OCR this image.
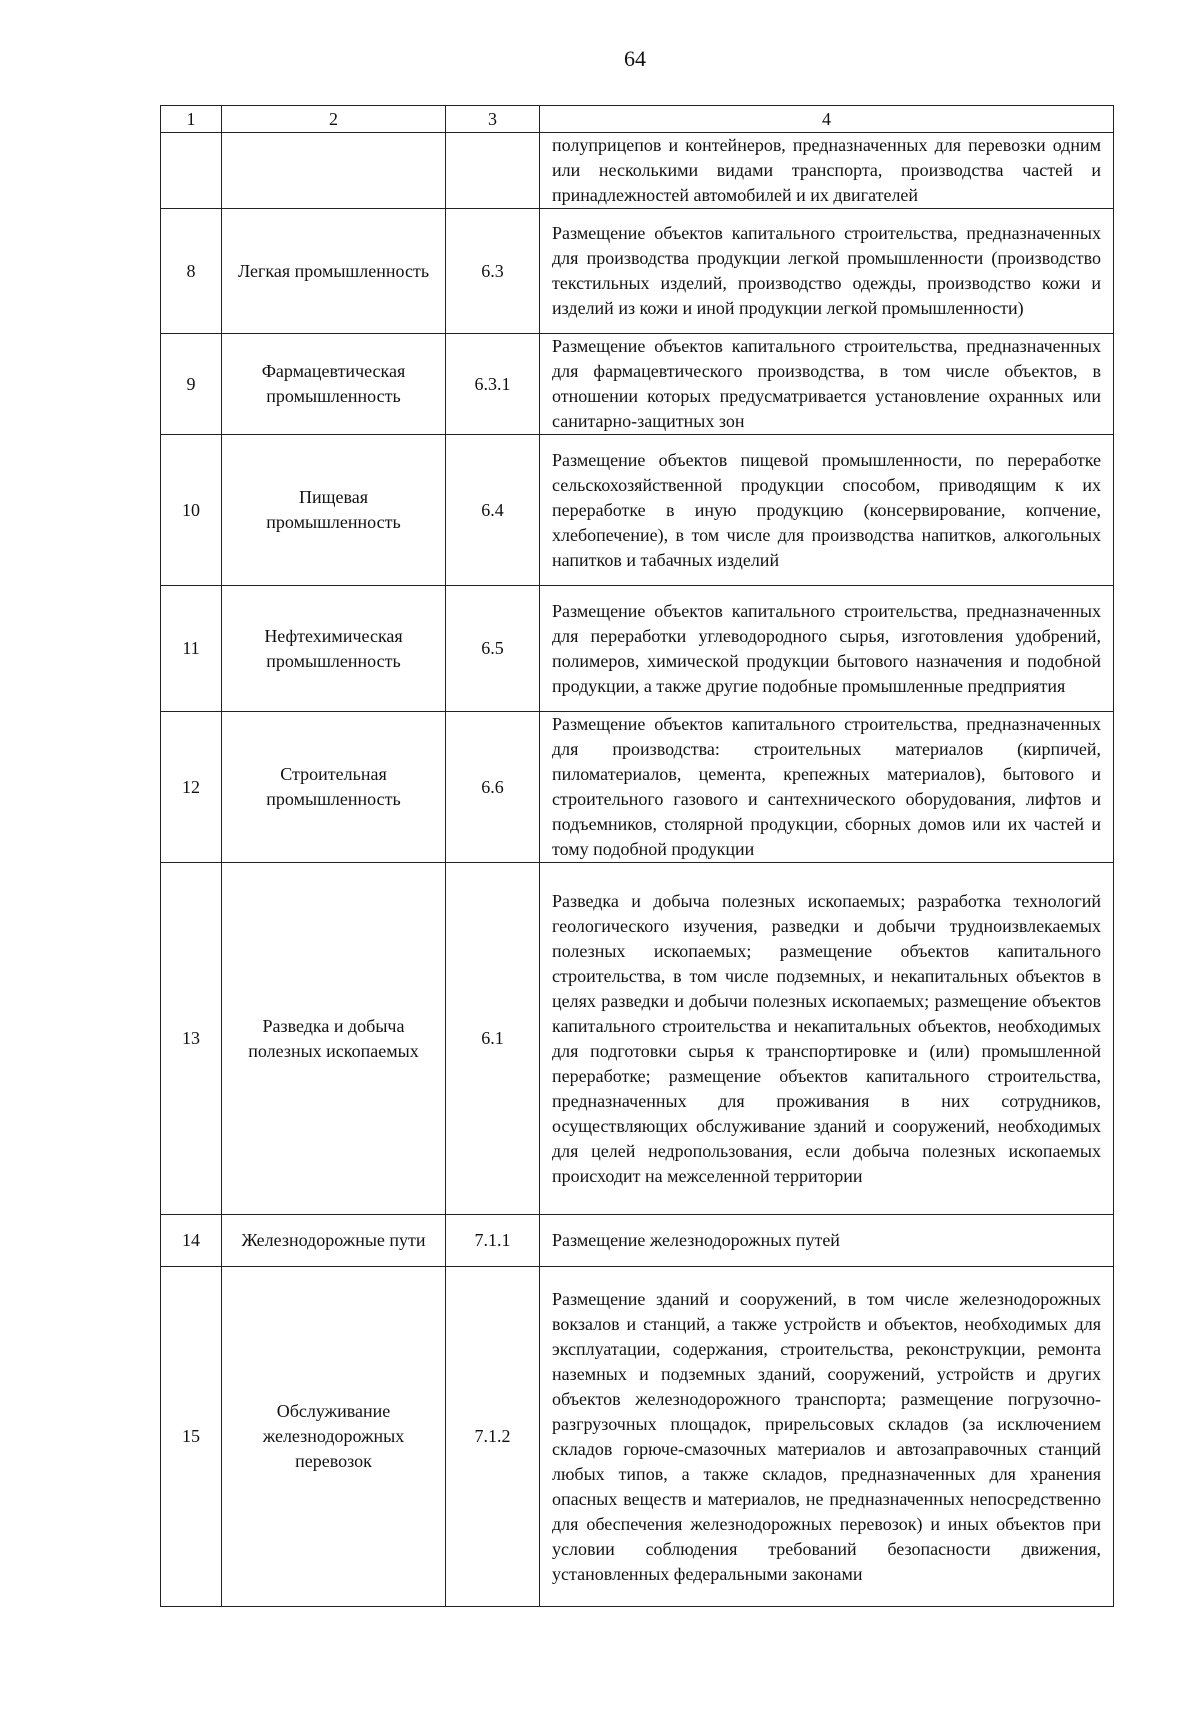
64
1	2	3	4
			полуприцепов и контейнеров, предназначенных для перевозки одним или несколькими видами транспорта, производства частей и принадлежностей автомобилей и их двигателей
8	Легкая промышленность	6.3	Размещение объектов капитального строительства, предназначенных для производства продукции легкой промышленности (производство текстильных изделий, производство одежды, производство кожи и изделий из кожи и иной продукции легкой промышленности)
9	Фармацевтическая промышленность	6.3.1	Размещение объектов капитального строительства, предназначенных для фармацевтического производства, в том числе объектов, в отношении которых предусматривается установление охранных или санитарно-защитных зон
10	Пищевая промышленность	6.4	Размещение объектов пищевой промышленности, по переработке сельскохозяйственной продукции способом, приводящим к их переработке в иную продукцию (консервирование, копчение, хлебопечение), в том числе для производства напитков, алкогольных напитков и табачных изделий
11	Нефтехимическая промышленность	6.5	Размещение объектов капитального строительства, предназначенных для переработки углеводородного сырья, изготовления удобрений, полимеров, химической продукции бытового назначения и подобной продукции, а также другие подобные промышленные предприятия
12	Строительная промышленность	6.6	Размещение объектов капитального строительства, предназначенных для производства: строительных материалов (кирпичей, пиломатериалов, цемента, крепежных материалов), бытового и строительного газового и сантехнического оборудования, лифтов и подъемников, столярной продукции, сборных домов или их частей и тому подобной продукции
13	Разведка и добыча полезных ископаемых	6.1	Разведка и добыча полезных ископаемых; разработка технологий геологического изучения, разведки и добычи трудноизвлекаемых полезных ископаемых; размещение объектов капитального строительства, в том числе подземных, и некапитальных объектов в целях разведки и добычи полезных ископаемых; размещение объектов капитального строительства и некапитальных объектов, необходимых для подготовки сырья к транспортировке и (или) промышленной переработке; размещение объектов капитального строительства, предназначенных для проживания в них сотрудников, осуществляющих обслуживание зданий и сооружений, необходимых для целей недропользования, если добыча полезных ископаемых происходит на межселенной территории
14	Железнодорожные пути	7.1.1	Размещение железнодорожных путей
15	Обслуживание железнодорожных перевозок	7.1.2	Размещение зданий и сооружений, в том числе железнодорожных вокзалов и станций, а также устройств и объектов, необходимых для эксплуатации, содержания, строительства, реконструкции, ремонта наземных и подземных зданий, сооружений, устройств и других объектов железнодорожного транспорта; размещение погрузочно-разгрузочных площадок, прирельсовых складов (за исключением складов горюче-смазочных материалов и автозаправочных станций любых типов, а также складов, предназначенных для хранения опасных веществ и материалов, не предназначенных непосредственно для обеспечения железнодорожных перевозок) и иных объектов при условии соблюдения требований безопасности движения, установленных федеральными законами
